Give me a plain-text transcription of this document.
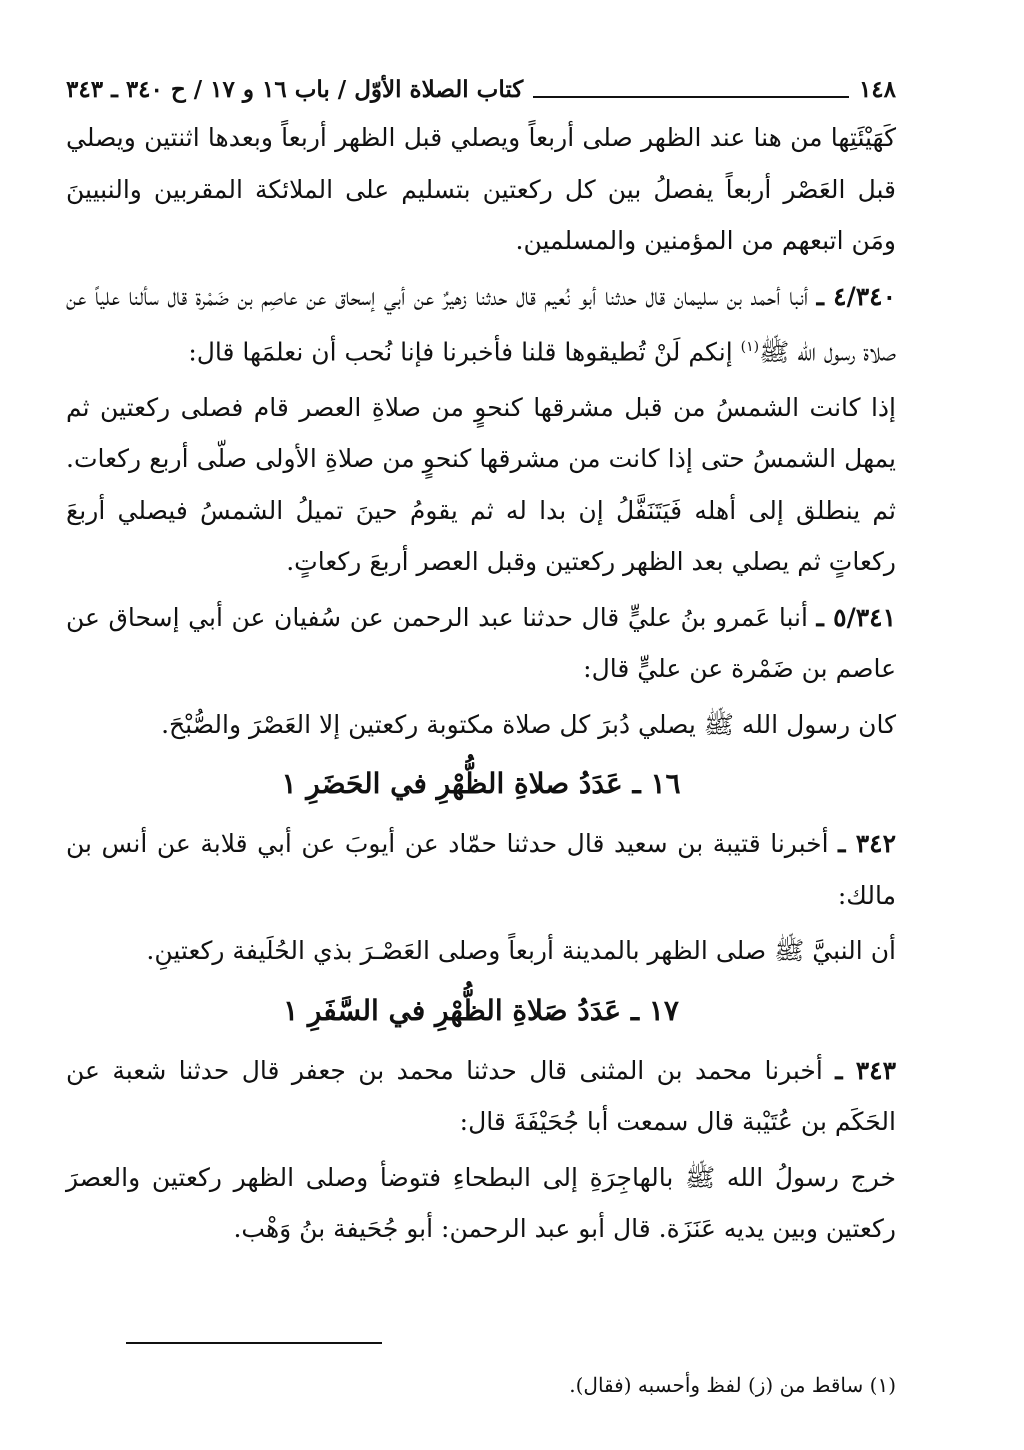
١٤٨
كتاب الصلاة الأوّل / باب ١٦ و ١٧ / ح ٣٤٠ ـ ٣٤٣

كَهَيْئَتِها من هنا عند الظهر صلى أربعاً ويصلي قبل الظهر أربعاً وبعدها اثنتين ويصلي قبل العَصْر أربعاً يفصلُ بين كل ركعتين بتسليم على الملائكة المقربين والنبيينَ ومَن اتبعهم من المؤمنين والمسلمين.

٤/٣٤٠ ـ أنبا أحمد بن سليمان قال حدثنا أبو نُعيم قال حدثنا زهيرٌ عن أبي إسحاق عن عاصِم بن ضَمْرة قال سألنا علياً عن صلاة رسول الله ﷺ$^{(١)}$ إنكم لَنْ تُطيقوها قلنا فأخبرنا فإنا نُحب أن نعلمَها قال:

إذا كانت الشمسُ من قبل مشرقها كنحوٍ من صلاةِ العصر قام فصلى ركعتين ثم يمهل الشمسُ حتى إذا كانت من مشرقها كنحوٍ من صلاةِ الأولى صلّى أربع ركعات. ثم ينطلق إلى أهله فَيَتَنَفَّلُ إن بدا له ثم يقومُ حينَ تميلُ الشمسُ فيصلي أربعَ ركعاتٍ ثم يصلي بعد الظهر ركعتين وقبل العصر أربعَ ركعاتٍ.

٥/٣٤١ ـ أنبا عَمرو بنُ عليٍّ قال حدثنا عبد الرحمن عن سُفيان عن أبي إسحاق عن عاصم بن ضَمْرة عن عليٍّ قال:

كان رسول الله ﷺ يصلي دُبرَ كل صلاة مكتوبة ركعتين إلا العَصْرَ والصُّبْحَ.

١٦ ـ عَدَدُ صلاةِ الظُّهْرِ في الحَضَرِ ١

٣٤٢ ـ أخبرنا قتيبة بن سعيد قال حدثنا حمّاد عن أيوبَ عن أبي قلابة عن أنس بن مالك:

أن النبيَّ ﷺ صلى الظهر بالمدينة أربعاً وصلى العَصْـرَ بذي الحُلَيفة ركعتينِ.

١٧ ـ عَدَدُ صَلاةِ الظُّهْرِ في السَّفَرِ ١

٣٤٣ ـ أخبرنا محمد بن المثنى قال حدثنا محمد بن جعفر قال حدثنا شعبة عن الحَكَم بن عُتَيْبة قال سمعت أبا جُحَيْفَةَ قال:

خرج رسولُ الله ﷺ بالهاجِرَةِ إلى البطحاءِ فتوضأ وصلى الظهر ركعتين والعصرَ ركعتين وبين يديه عَنَزَة. قال أبو عبد الرحمن: أبو جُحَيفة بنُ وَهْب.

(١) ساقط من (ز) لفظ وأحسبه (فقال).
